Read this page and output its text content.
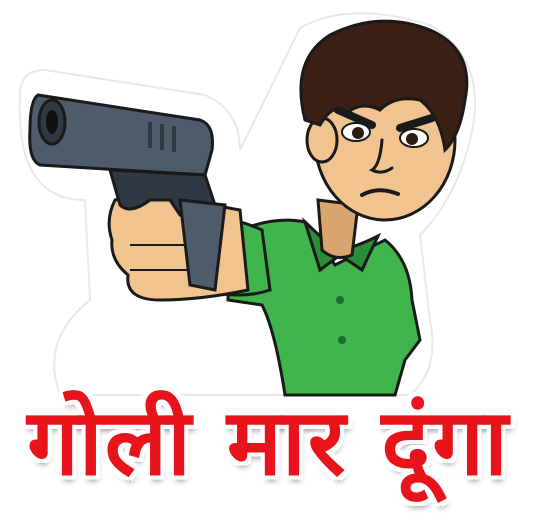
गोली मार दूंगा
